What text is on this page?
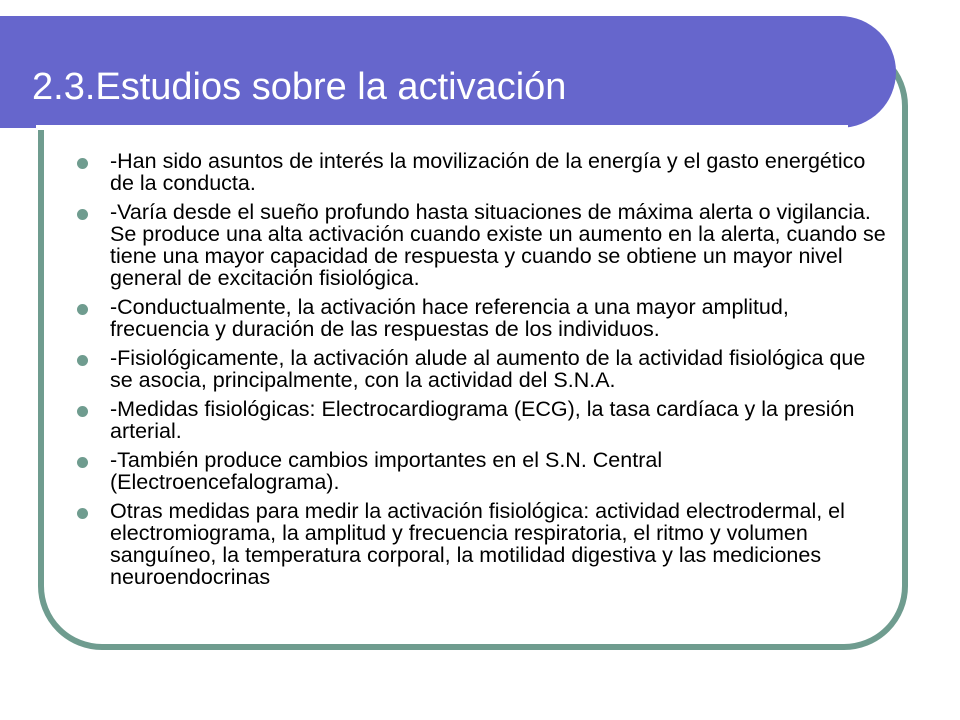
2.3.Estudios sobre la activación
-Han sido asuntos de interés la movilización de la energía y el gasto energético de la conducta.
-Varía desde el sueño profundo hasta situaciones de máxima alerta o vigilancia. Se produce una alta activación cuando existe un aumento en la alerta, cuando se tiene una mayor capacidad de respuesta y cuando se obtiene un mayor nivel general de excitación fisiológica.
-Conductualmente, la activación hace referencia a una mayor amplitud, frecuencia y duración de las respuestas de los individuos.
-Fisiológicamente, la activación alude al aumento de la actividad fisiológica que se asocia, principalmente, con la actividad del S.N.A.
-Medidas fisiológicas: Electrocardiograma (ECG), la tasa cardíaca y la presión arterial.
-También produce cambios importantes en el S.N. Central (Electroencefalograma).
Otras medidas para medir la activación fisiológica: actividad electrodermal, el electromiograma, la amplitud y frecuencia respiratoria, el ritmo y volumen sanguíneo, la temperatura corporal, la motilidad digestiva y las mediciones neuroendocrinas
